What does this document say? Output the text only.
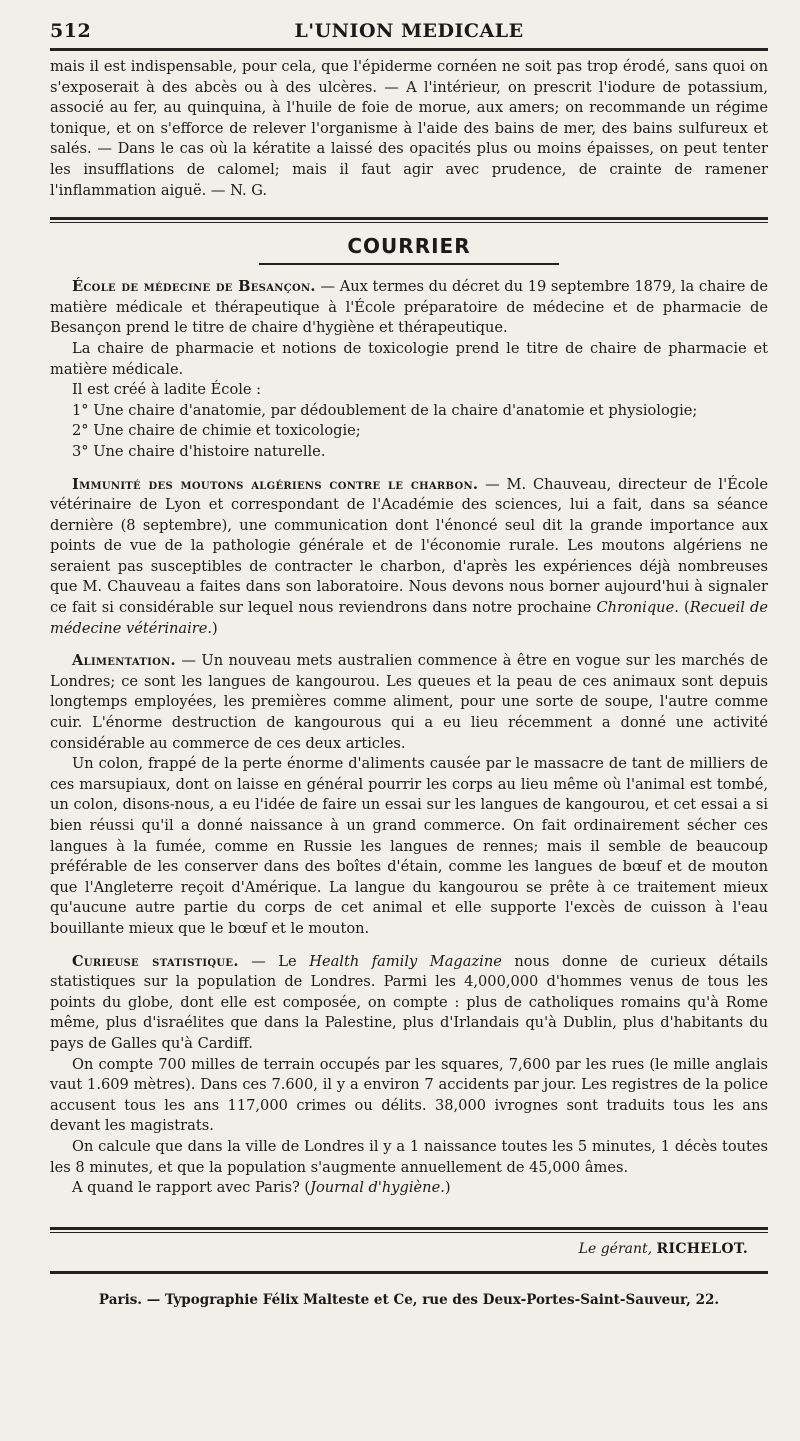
512	L'UNION MEDICALE

mais il est indispensable, pour cela, que l'épiderme cornéen ne soit pas trop érodé, sans quoi on s'exposerait à des abcès ou à des ulcères. — A l'intérieur, on prescrit l'iodure de potassium, associé au fer, au quinquina, à l'huile de foie de morue, aux amers; on recommande un régime tonique, et on s'efforce de relever l'organisme à l'aide des bains de mer, des bains sulfureux et salés. — Dans le cas où la kératite a laissé des opacités plus ou moins épaisses, on peut tenter les insufflations de calomel; mais il faut agir avec prudence, de crainte de ramener l'inflammation aiguë. — N. G.

COURRIER

École de médecine de Besançon. — Aux termes du décret du 19 septembre 1879, la chaire de matière médicale et thérapeutique à l'École préparatoire de médecine et de pharmacie de Besançon prend le titre de chaire d'hygiène et thérapeutique.

La chaire de pharmacie et notions de toxicologie prend le titre de chaire de pharmacie et matière médicale.

Il est créé à ladite École :

1° Une chaire d'anatomie, par dédoublement de la chaire d'anatomie et physiologie;
2° Une chaire de chimie et toxicologie;
3° Une chaire d'histoire naturelle.

Immunité des moutons algériens contre le charbon. — M. Chauveau, directeur de l'École vétérinaire de Lyon et correspondant de l'Académie des sciences, lui a fait, dans sa séance dernière (8 septembre), une communication dont l'énoncé seul dit la grande importance aux points de vue de la pathologie générale et de l'économie rurale. Les moutons algériens ne seraient pas susceptibles de contracter le charbon, d'après les expériences déjà nombreuses que M. Chauveau a faites dans son laboratoire. Nous devons nous borner aujourd'hui à signaler ce fait si considérable sur lequel nous reviendrons dans notre prochaine Chronique. (Recueil de médecine vétérinaire.)

Alimentation. — Un nouveau mets australien commence à être en vogue sur les marchés de Londres; ce sont les langues de kangourou. Les queues et la peau de ces animaux sont depuis longtemps employées, les premières comme aliment, pour une sorte de soupe, l'autre comme cuir. L'énorme destruction de kangourous qui a eu lieu récemment a donné une activité considérable au commerce de ces deux articles.

Un colon, frappé de la perte énorme d'aliments causée par le massacre de tant de milliers de ces marsupiaux, dont on laisse en général pourrir les corps au lieu même où l'animal est tombé, un colon, disons-nous, a eu l'idée de faire un essai sur les langues de kangourou, et cet essai a si bien réussi qu'il a donné naissance à un grand commerce. On fait ordinairement sécher ces langues à la fumée, comme en Russie les langues de rennes; mais il semble de beaucoup préférable de les conserver dans des boîtes d'étain, comme les langues de bœuf et de mouton que l'Angleterre reçoit d'Amérique. La langue du kangourou se prête à ce traitement mieux qu'aucune autre partie du corps de cet animal et elle supporte l'excès de cuisson à l'eau bouillante mieux que le bœuf et le mouton.

Curieuse statistique. — Le Health family Magazine nous donne de curieux détails statistiques sur la population de Londres. Parmi les 4,000,000 d'hommes venus de tous les points du globe, dont elle est composée, on compte : plus de catholiques romains qu'à Rome même, plus d'israélites que dans la Palestine, plus d'Irlandais qu'à Dublin, plus d'habitants du pays de Galles qu'à Cardiff.

On compte 700 milles de terrain occupés par les squares, 7,600 par les rues (le mille anglais vaut 1.609 mètres). Dans ces 7.600, il y a environ 7 accidents par jour. Les registres de la police accusent tous les ans 117,000 crimes ou délits. 38,000 ivrognes sont traduits tous les ans devant les magistrats.

On calcule que dans la ville de Londres il y a 1 naissance toutes les 5 minutes, 1 décès toutes les 8 minutes, et que la population s'augmente annuellement de 45,000 âmes.

A quand le rapport avec Paris? (Journal d'hygiène.)

Le gérant, RICHELOT.
Paris. — Typographie Félix Malteste et Ce, rue des Deux-Portes-Saint-Sauveur, 22.
